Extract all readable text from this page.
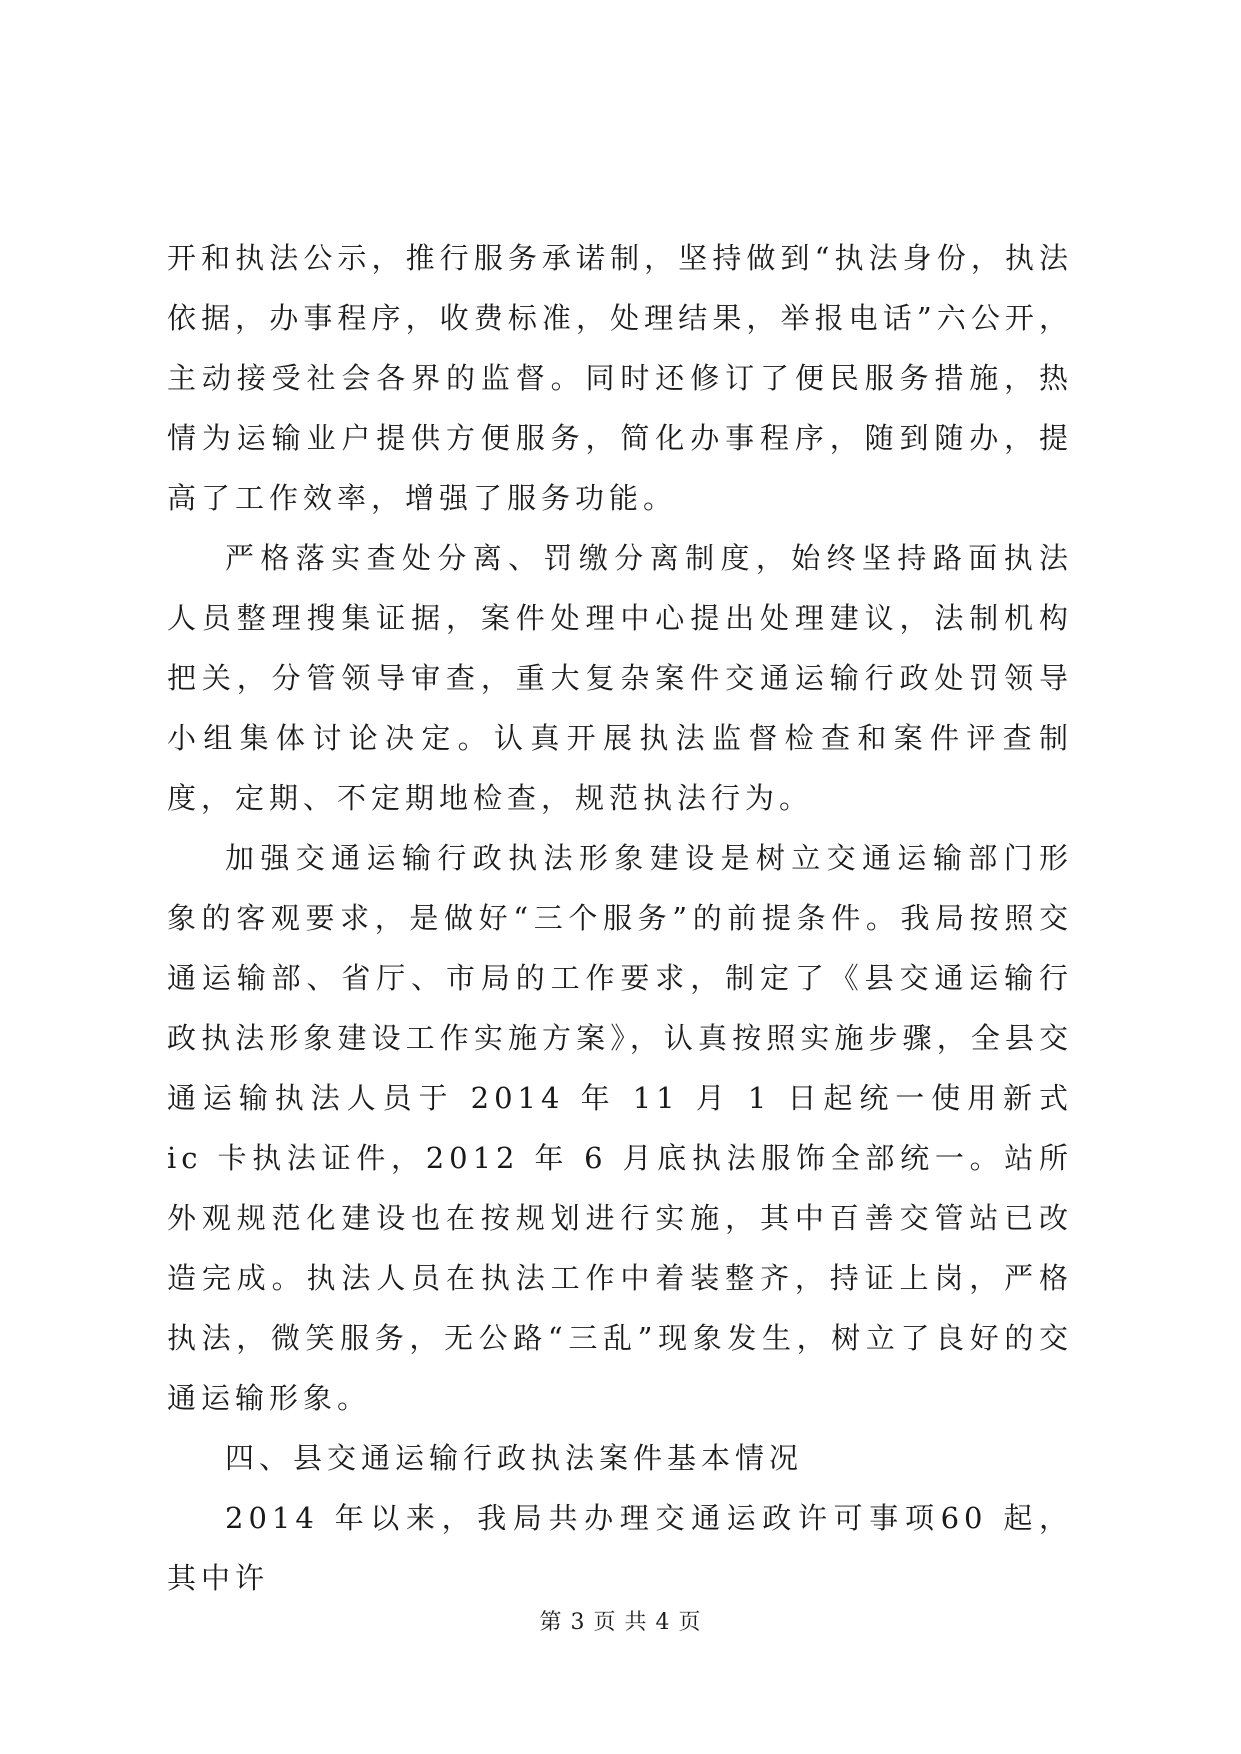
开和执法公示，推行服务承诺制，坚持做到“执法身份，执法依据，办事程序，收费标准，处理结果，举报电话”六公开，主动接受社会各界的监督。同时还修订了便民服务措施，热情为运输业户提供方便服务，简化办事程序，随到随办，提高了工作效率，增强了服务功能。

严格落实查处分离、罚缴分离制度，始终坚持路面执法人员整理搜集证据，案件处理中心提出处理建议，法制机构把关，分管领导审查，重大复杂案件交通运输行政处罚领导小组集体讨论决定。认真开展执法监督检查和案件评查制度，定期、不定期地检查，规范执法行为。

加强交通运输行政执法形象建设是树立交通运输部门形象的客观要求，是做好“三个服务”的前提条件。我局按照交通运输部、省厅、市局的工作要求，制定了《县交通运输行政执法形象建设工作实施方案》，认真按照实施步骤，全县交通运输执法人员于 2014 年 11 月 1 日起统一使用新式 ic 卡执法证件，2012 年 6 月底执法服饰全部统一。站所外观规范化建设也在按规划进行实施，其中百善交管站已改造完成。执法人员在执法工作中着装整齐，持证上岗，严格执法，微笑服务，无公路“三乱”现象发生，树立了良好的交通运输形象。

四、县交通运输行政执法案件基本情况

2014 年以来，我局共办理交通运政许可事项60 起，其中许

第 3 页 共 4 页
